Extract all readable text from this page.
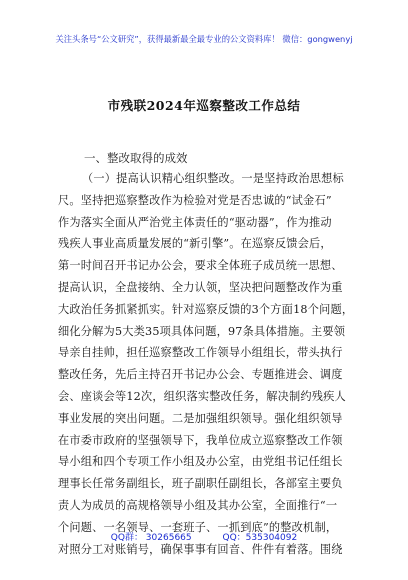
关注头条号“公文研究”，获得最新最全最专业的公文资料库！ 微信：gongwenyj
市残联2024年巡察整改工作总结
一、整改取得的成效
（一）提高认识精心组织整改。一是坚持政治思想标
尺。坚持把巡察整改作为检验对党是否忠诚的“试金石”
作为落实全面从严治党主体责任的“驱动器”，作为推动
残疾人事业高质量发展的“新引擎”。在巡察反馈会后，
第一时间召开书记办公会，要求全体班子成员统一思想、
提高认识，全盘接纳、全力认领，坚决把问题整改作为重
大政治任务抓紧抓实。针对巡察反馈的3个方面18个问题，
细化分解为5大类35项具体问题，97条具体措施。主要领
导亲自挂帅，担任巡察整改工作领导小组组长，带头执行
整改任务，先后主持召开书记办公会、专题推进会、调度
会、座谈会等12次，组织落实整改任务，解决制约残疾人
事业发展的突出问题。二是加强组织领导。强化组织领导
在市委市政府的坚强领导下，我单位成立巡察整改工作领
导小组和四个专项工作小组及办公室，由党组书记任组长
理事长任常务副组长，班子副职任副组长，各部室主要负
责人为成员的高规格领导小组及其办公室，全面推行“一
个问题、一名领导、一套班子、一抓到底”的整改机制，
对照分工对账销号，确保事事有回音、件件有着落。围绕
QQ群： 30265665	QQ：535304092
